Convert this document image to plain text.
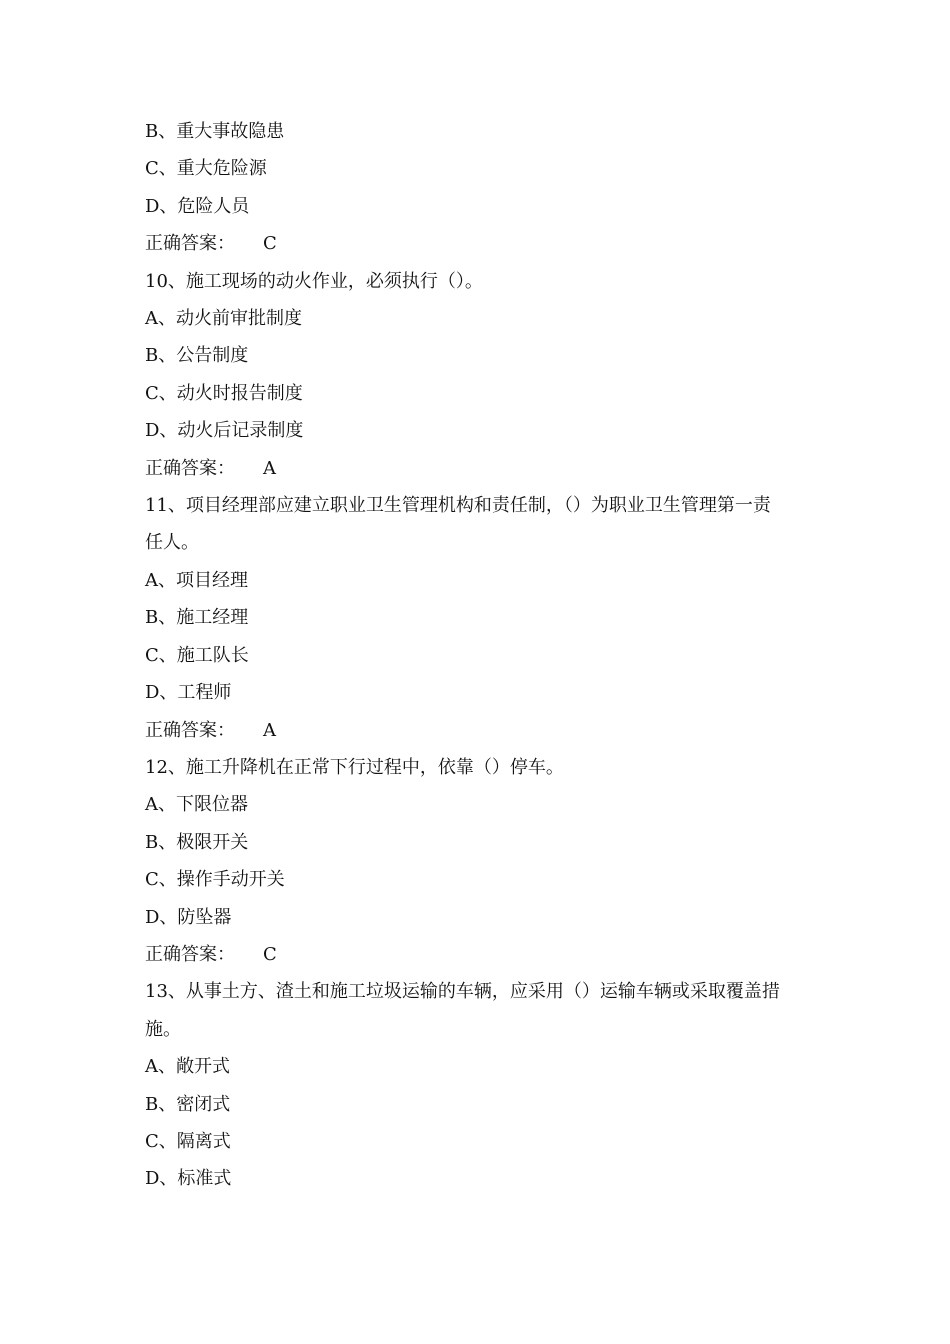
B、重大事故隐患
C、重大危险源
D、危险人员
正确答案： C
10、施工现场的动火作业，必须执行（）。
A、动火前审批制度
B、公告制度
C、动火时报告制度
D、动火后记录制度
正确答案： A
11、项目经理部应建立职业卫生管理机构和责任制，（）为职业卫生管理第一责
任人。
A、项目经理
B、施工经理
C、施工队长
D、工程师
正确答案： A
12、施工升降机在正常下行过程中，依靠（）停车。
A、下限位器
B、极限开关
C、操作手动开关
D、防坠器
正确答案： C
13、从事土方、渣土和施工垃圾运输的车辆，应采用（）运输车辆或采取覆盖措
施。
A、敞开式
B、密闭式
C、隔离式
D、标准式
